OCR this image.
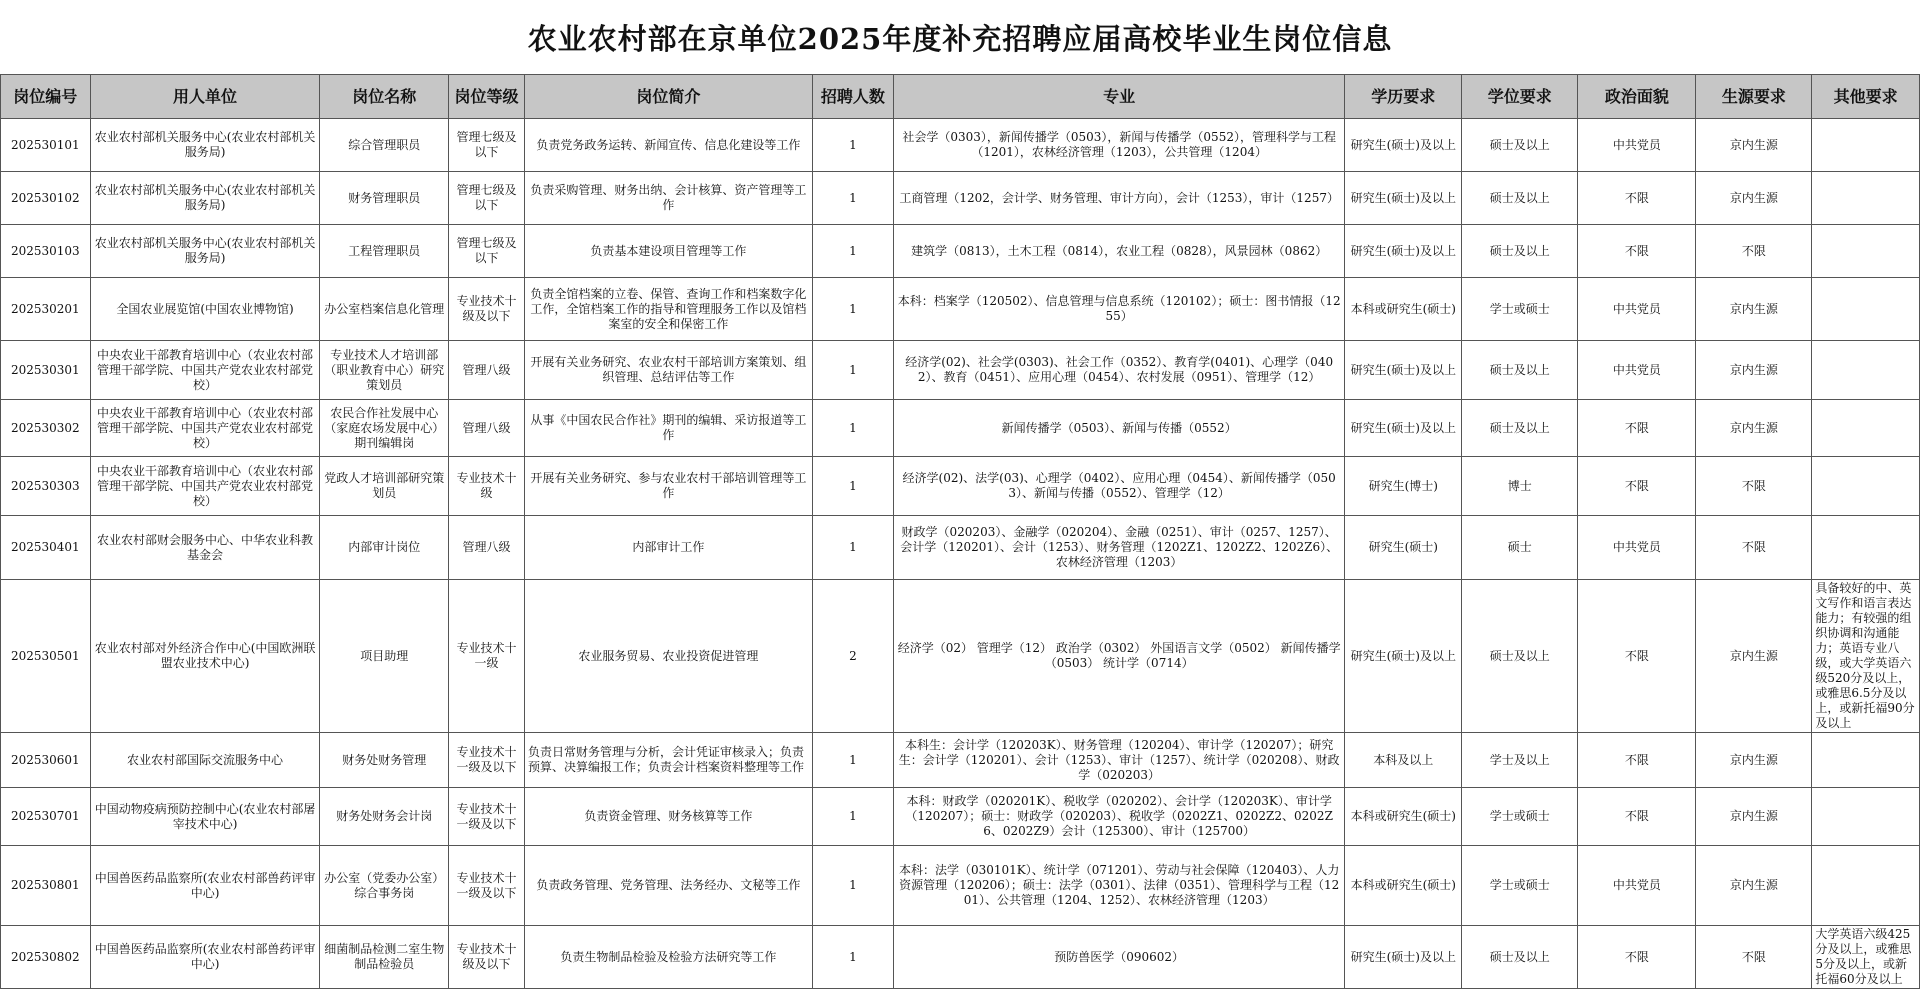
农业农村部在京单位2025年度补充招聘应届高校毕业生岗位信息
岗位编号	用人单位	岗位名称	岗位等级	岗位简介	招聘人数	专业	学历要求	学位要求	政治面貌	生源要求	其他要求
202530101	农业农村部机关服务中心(农业农村部机关服务局)	综合管理职员	管理七级及以下	负责党务政务运转、新闻宣传、信息化建设等工作	1	社会学（0303），新闻传播学（0503），新闻与传播学（0552），管理科学与工程（1201），农林经济管理（1203），公共管理（1204）	研究生(硕士)及以上	硕士及以上	中共党员	京内生源	
202530102	农业农村部机关服务中心(农业农村部机关服务局)	财务管理职员	管理七级及以下	负责采购管理、财务出纳、会计核算、资产管理等工作	1	工商管理（1202，会计学、财务管理、审计方向），会计（1253），审计（1257）	研究生(硕士)及以上	硕士及以上	不限	京内生源	
202530103	农业农村部机关服务中心(农业农村部机关服务局)	工程管理职员	管理七级及以下	负责基本建设项目管理等工作	1	建筑学（0813），土木工程（0814），农业工程（0828），风景园林（0862）	研究生(硕士)及以上	硕士及以上	不限	不限	
202530201	全国农业展览馆(中国农业博物馆)	办公室档案信息化管理	专业技术十级及以下	负责全馆档案的立卷、保管、查询工作和档案数字化工作，全馆档案工作的指导和管理服务工作以及馆档案室的安全和保密工作	1	本科：档案学（120502）、信息管理与信息系统（120102）；硕士：图书情报（1255）	本科或研究生(硕士)	学士或硕士	中共党员	京内生源	
202530301	中央农业干部教育培训中心（农业农村部管理干部学院、中国共产党农业农村部党校）	专业技术人才培训部（职业教育中心）研究策划员	管理八级	开展有关业务研究、农业农村干部培训方案策划、组织管理、总结评估等工作	1	经济学(02)、社会学(0303)、社会工作（0352）、教育学(0401)、心理学（0402）、教育（0451）、应用心理（0454）、农村发展（0951）、管理学（12）	研究生(硕士)及以上	硕士及以上	中共党员	京内生源	
202530302	中央农业干部教育培训中心（农业农村部管理干部学院、中国共产党农业农村部党校）	农民合作社发展中心（家庭农场发展中心）期刊编辑岗	管理八级	从事《中国农民合作社》期刊的编辑、采访报道等工作	1	新闻传播学（0503）、新闻与传播（0552）	研究生(硕士)及以上	硕士及以上	不限	京内生源	
202530303	中央农业干部教育培训中心（农业农村部管理干部学院、中国共产党农业农村部党校）	党政人才培训部研究策划员	专业技术十级	开展有关业务研究、参与农业农村干部培训管理等工作	1	经济学(02)、法学(03)、心理学（0402）、应用心理（0454）、新闻传播学（0503）、新闻与传播（0552）、管理学（12）	研究生(博士)	博士	不限	不限	
202530401	农业农村部财会服务中心、中华农业科教基金会	内部审计岗位	管理八级	内部审计工作	1	财政学（020203）、金融学（020204）、金融（0251）、审计（0257、1257）、会计学（120201）、会计（1253）、财务管理（1202Z1、1202Z2、1202Z6）、农林经济管理（1203）	研究生(硕士)	硕士	中共党员	不限	
202530501	农业农村部对外经济合作中心(中国欧洲联盟农业技术中心)	项目助理	专业技术十一级	农业服务贸易、农业投资促进管理	2	经济学（02） 管理学（12） 政治学（0302） 外国语言文学（0502） 新闻传播学（0503） 统计学（0714）	研究生(硕士)及以上	硕士及以上	不限	京内生源	具备较好的中、英文写作和语言表达能力；有较强的组织协调和沟通能力；英语专业八级，或大学英语六级520分及以上，或雅思6.5分及以上，或新托福90分及以上
202530601	农业农村部国际交流服务中心	财务处财务管理	专业技术十一级及以下	负责日常财务管理与分析，会计凭证审核录入；负责预算、决算编报工作；负责会计档案资料整理等工作	1	本科生：会计学（120203K）、财务管理（120204）、审计学（120207）；研究生：会计学（120201）、会计（1253）、审计（1257）、统计学（020208）、财政学（020203）	本科及以上	学士及以上	不限	京内生源	
202530701	中国动物疫病预防控制中心(农业农村部屠宰技术中心)	财务处财务会计岗	专业技术十一级及以下	负责资金管理、财务核算等工作	1	本科：财政学（020201K）、税收学（020202）、会计学（120203K）、审计学（120207）；硕士：财政学（020203）、税收学（0202Z1、0202Z2、0202Z6、0202Z9）会计（125300）、审计（125700）	本科或研究生(硕士)	学士或硕士	不限	京内生源	
202530801	中国兽医药品监察所(农业农村部兽药评审中心)	办公室（党委办公室）综合事务岗	专业技术十一级及以下	负责政务管理、党务管理、法务经办、文秘等工作	1	本科：法学（030101K）、统计学（071201）、劳动与社会保障（120403）、人力资源管理（120206）；硕士：法学（0301）、法律（0351）、管理科学与工程（1201）、公共管理（1204、1252）、农林经济管理（1203）	本科或研究生(硕士)	学士或硕士	中共党员	京内生源	
202530802	中国兽医药品监察所(农业农村部兽药评审中心)	细菌制品检测二室生物制品检验员	专业技术十级及以下	负责生物制品检验及检验方法研究等工作	1	预防兽医学（090602）	研究生(硕士)及以上	硕士及以上	不限	不限	大学英语六级425分及以上，或雅思5分及以上，或新托福60分及以上
